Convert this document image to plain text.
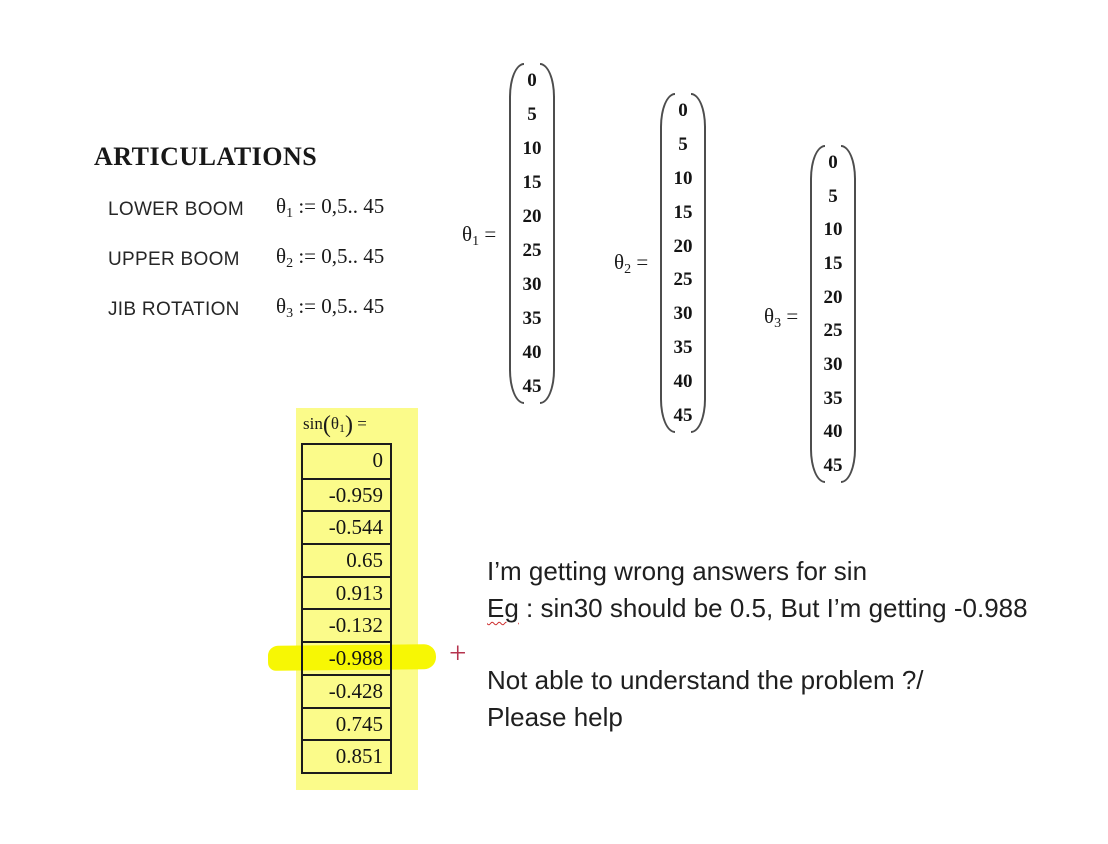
ARTICULATIONS
LOWER BOOM $\theta_1$ := 0,5.. 45
UPPER BOOM $\theta_2$ := 0,5.. 45
JIB ROTATION $\theta_3$ := 0,5.. 45
$\theta_1$ =
0
5
10
15
20
25
30
35
40
45
$\theta_2$ =
0
5
10
15
20
25
30
35
40
45
$\theta_3$ =
0
5
10
15
20
25
30
35
40
45
$\sin(\theta_1)$ =
0
-0.959
-0.544
0.65
0.913
-0.132
-0.988
-0.428
0.745
0.851
+

I’m getting wrong answers for sin

Eg : sin30 should be 0.5, But I’m getting -0.988

Not able to understand the problem ?/

Please help
